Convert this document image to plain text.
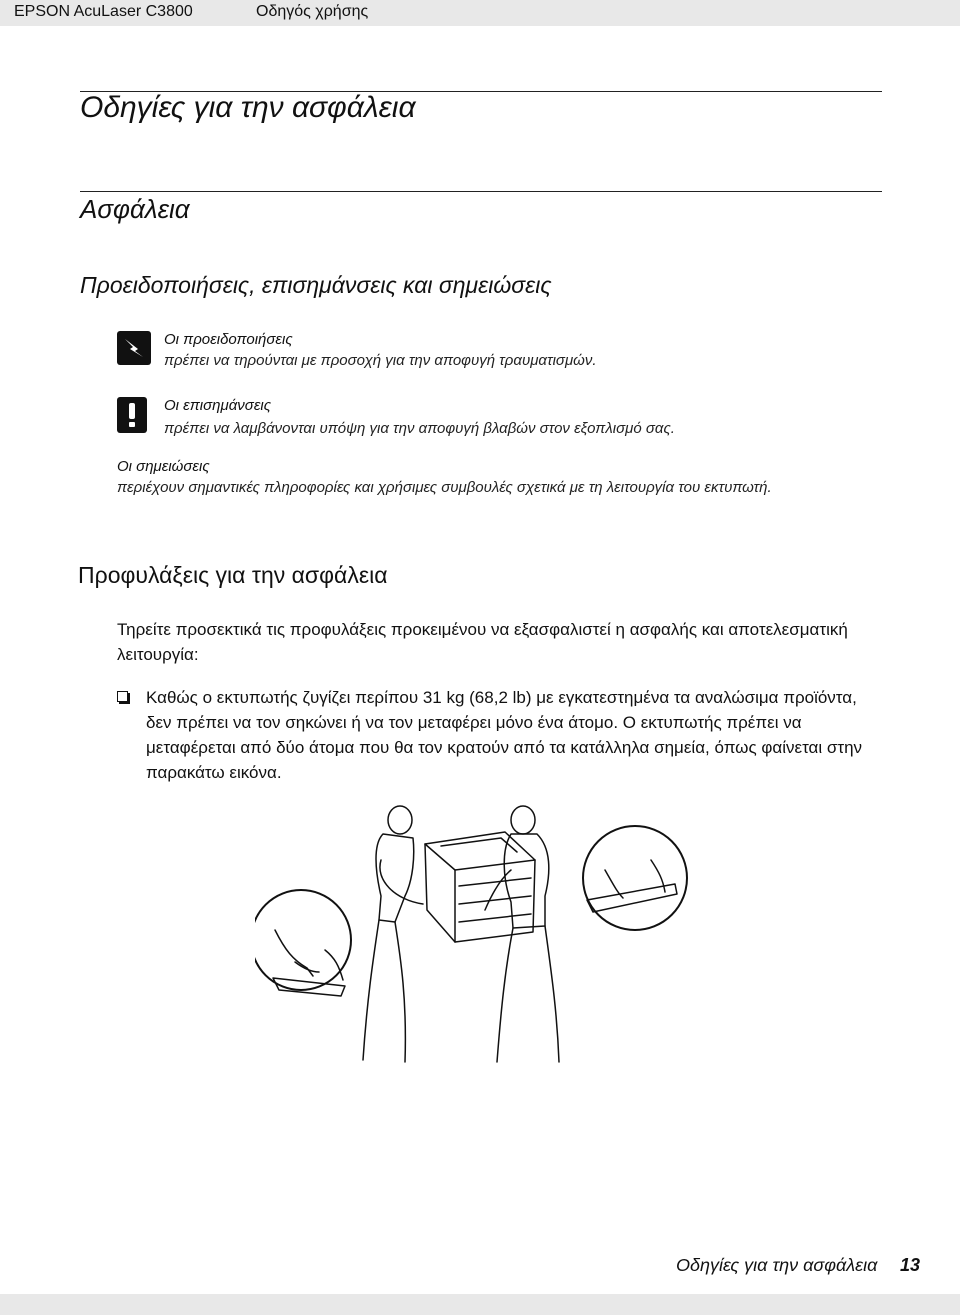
EPSON AcuLaser C3800	Οδηγός χρήσης
Οδηγίες για την ασφάλεια
Ασφάλεια
Προειδοποιήσεις, επισημάνσεις και σημειώσεις
Οι προειδοποιήσεις
πρέπει να τηρούνται με προσοχή για την αποφυγή τραυματισμών.
Οι επισημάνσεις
πρέπει να λαμβάνονται υπόψη για την αποφυγή βλαβών στον εξοπλισμό σας.
Οι σημειώσεις
περιέχουν σημαντικές πληροφορίες και χρήσιμες συμβουλές σχετικά με τη λειτουργία του εκτυπωτή.
Προφυλάξεις για την ασφάλεια
Τηρείτε προσεκτικά τις προφυλάξεις προκειμένου να εξασφαλιστεί η ασφαλής και αποτελεσματική λειτουργία:
Καθώς ο εκτυπωτής ζυγίζει περίπου 31 kg (68,2 lb) με εγκατεστημένα τα αναλώσιμα προϊόντα, δεν πρέπει να τον σηκώνει ή να τον μεταφέρει μόνο ένα άτομο. Ο εκτυπωτής πρέπει να μεταφέρεται από δύο άτομα που θα τον κρατούν από τα κατάλληλα σημεία, όπως φαίνεται στην παρακάτω εικόνα.
Οδηγίες για την ασφάλεια 13
